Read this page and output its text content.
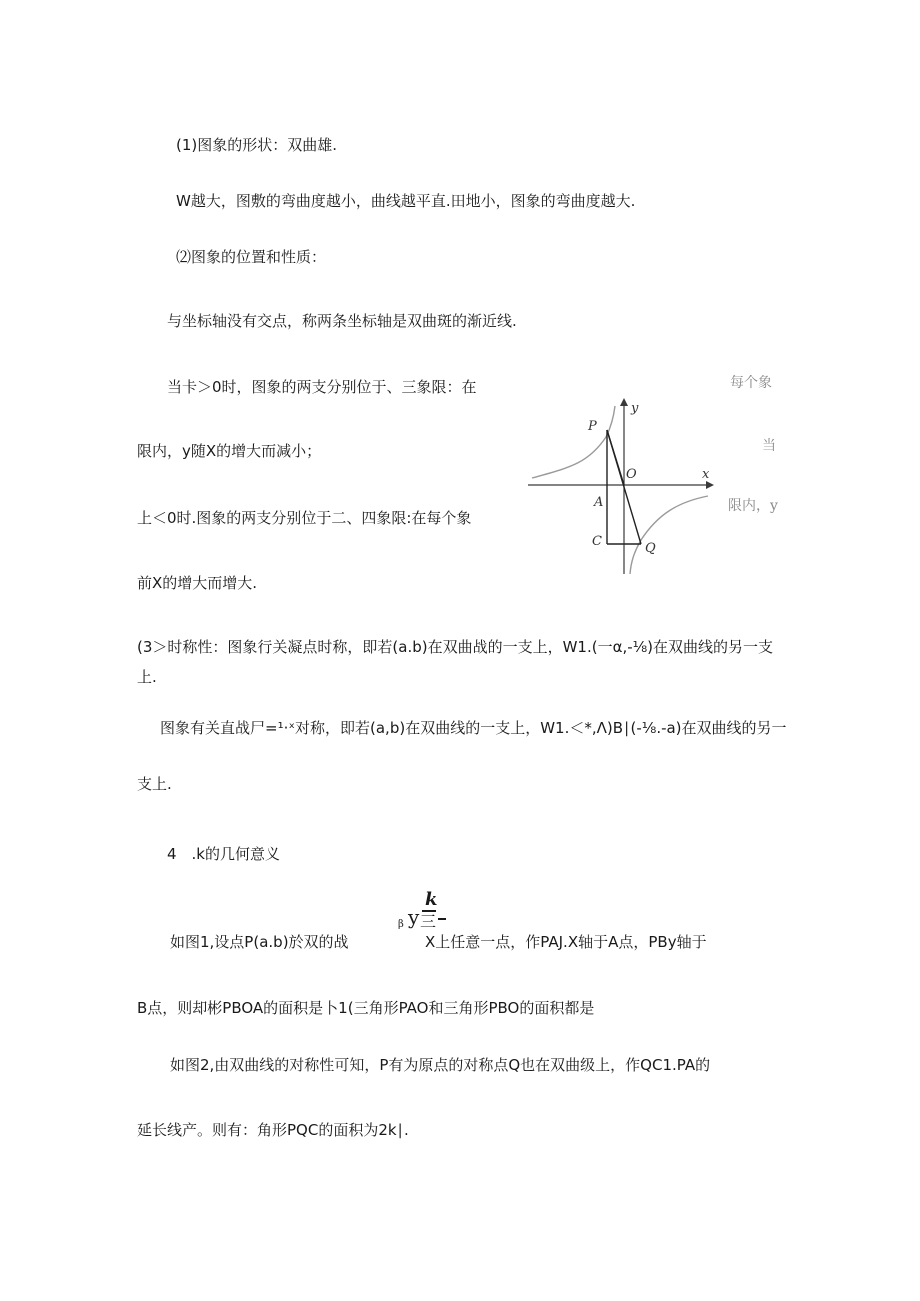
(1)图象的形状：双曲雄.
W越大，图敷的弯曲度越小，曲线越平直.田地小，图象的弯曲度越大.
⑵图象的位置和性质：
与坐标轴没有交点，称两条坐标轴是双曲斑的渐近线.
当卡＞0时，图象的两支分别位于、三象限：在
限内，y随X的增大而减小；
上＜0时.图象的两支分别位于二、四象限:在每个象
前X的增大而增大.
(3＞时称性：图象行关凝点时称，即若(a.b)在双曲战的一支上，W1.(一α,-⅛)在双曲线的另一支
上.
图象有关直战尸=¹·ˣ对称，即若(a,b)在双曲线的一支上，W1.＜*,Λ)B∣(-⅛.-a)在双曲线的另一
支上.
4　.k的几何意义
β y 三
k
如图1,设点P(a.b)於双的战	X上任意一点，作PAJ.X轴于A点，PBy轴于
B点，则却彬PBOA的面积是卜1(三角形PAO和三角形PBO的面积都是
如图2,由双曲线的对称性可知，P有为原点的对称点Q也在双曲级上，作QC1.PA的
延长线产。则有：角形PQC的面积为2k∣.
每个象
当
限内，y
y
x
P
O
A
C	Q
